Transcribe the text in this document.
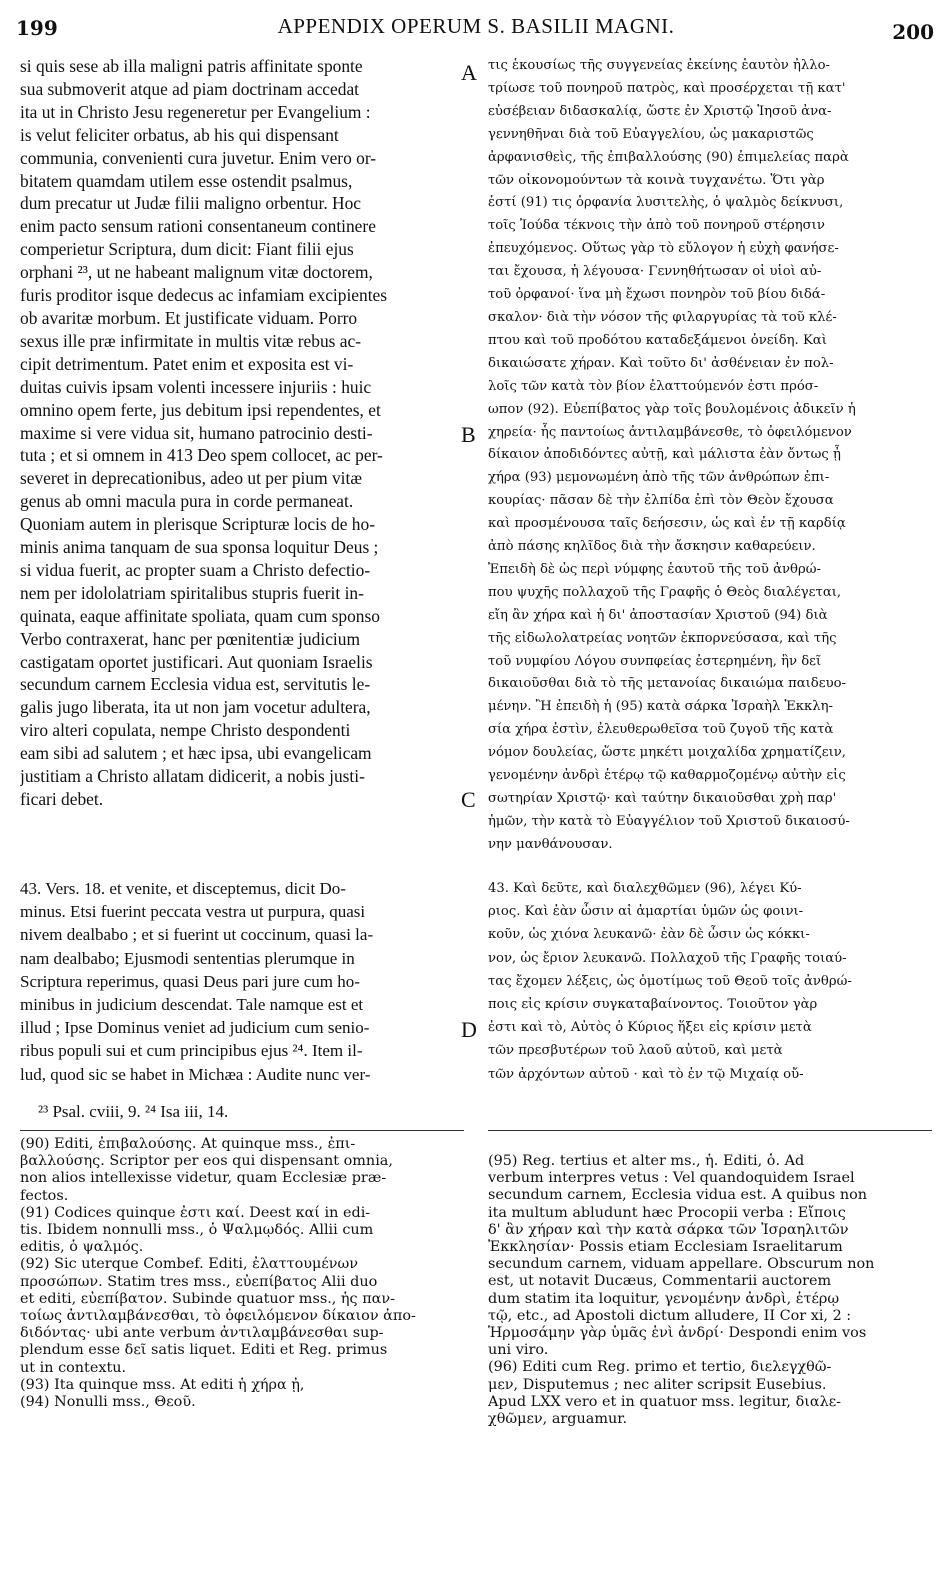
199	APPENDIX OPERUM S. BASILII MAGNI.	200
si quis sese ab illa maligni patris affinitate sponte
sua submoverit atque ad piam doctrinam accedat
ita ut in Christo Jesu regeneretur per Evangelium :
is velut feliciter orbatus, ab his qui dispensant
communia, convenienti cura juvetur. Enim vero or-
bitatem quamdam utilem esse ostendit psalmus,
dum precatur ut Judæ filii maligno orbentur. Hoc
enim pacto sensum rationi consentaneum continere
comperietur Scriptura, dum dicit: Fiant filii ejus
orphani ²³, ut ne habeant malignum vitæ doctorem,
furis proditor isque dedecus ac infamiam excipientes
ob avaritæ morbum. Et justificate viduam. Porro
sexus ille præ infirmitate in multis vitæ rebus ac-
cipit detrimentum. Patet enim et exposita est vi-
duitas cuivis ipsam volenti incessere injuriis : huic
omnino opem ferte, jus debitum ipsi rependentes, et
maxime si vere vidua sit, humano patrocinio desti-
tuta ; et si omnem in 413 Deo spem collocet, ac per-
severet in deprecationibus, adeo ut per pium vitæ
genus ab omni macula pura in corde permaneat.
Quoniam autem in plerisque Scripturæ locis de ho-
minis anima tanquam de sua sponsa loquitur Deus ;
si vidua fuerit, ac propter suam a Christo defectio-
nem per idololatriam spiritalibus stupris fuerit in-
quinata, eaque affinitate spoliata, quam cum sponso
Verbo contraxerat, hanc per pœnitentiæ judicium
castigatam oportet justificari. Aut quoniam Israelis
secundum carnem Ecclesia vidua est, servitutis le-
galis jugo liberata, ita ut non jam vocetur adultera,
viro alteri copulata, nempe Christo despondenti
eam sibi ad salutem ; et hæc ipsa, ubi evangelicam
justitiam a Christo allatam didicerit, a nobis justi-
ficari debet.
τις ἑκουσίως τῆς συγγενείας ἐκείνης ἑαυτὸν ἠλλο-
τρίωσε τοῦ πονηροῦ πατρὸς, καὶ προσέρχεται τῇ κατ'
εὐσέβειαν διδασκαλίᾳ, ὥστε ἐν Χριστῷ Ἰησοῦ ἀνα-
γεννηθῆναι διὰ τοῦ Εὐαγγελίου, ὡς μακαριστῶς
ἀρφανισθεὶς, τῆς ἐπιβαλλούσης (90) ἐπιμελείας παρὰ
τῶν οἰκονομούντων τὰ κοινὰ τυγχανέτω. Ὅτι γὰρ
ἐστί (91) τις ὀρφανία λυσιτελὴς, ὁ ψαλμὸς δείκνυσι,
τοῖς Ἰούδα τέκνοις τὴν ἀπὸ τοῦ πονηροῦ στέρησιν
ἐπευχόμενος. Οὕτως γὰρ τὸ εὔλογον ἡ εὐχὴ φανήσε-
ται ἔχουσα, ἡ λέγουσα· Γεννηθήτωσαν οἱ υἱοὶ αὐ-
τοῦ ὀρφανοί· ἵνα μὴ ἔχωσι πονηρὸν τοῦ βίου διδά-
σκαλον· διὰ τὴν νόσον τῆς φιλαργυρίας τὰ τοῦ κλέ-
πτου καὶ τοῦ προδότου καταδεξάμενοι ὀνείδη. Καὶ
δικαιώσατε χήραν. Καὶ τοῦτο δι' ἀσθένειαν ἐν πολ-
λοῖς τῶν κατὰ τὸν βίον ἐλαττούμενόν ἐστι πρόσ-
ωπον (92). Εὐεπίβατος γὰρ τοῖς βουλομένοις ἀδικεῖν ἡ
χηρεία· ἧς παντοίως ἀντιλαμβάνεσθε, τὸ ὀφειλόμενον
δίκαιον ἀποδιδόντες αὐτῇ, καὶ μάλιστα ἐὰν ὄντως ᾖ
χήρα (93) μεμονωμένη ἀπὸ τῆς τῶν ἀνθρώπων ἐπι-
κουρίας· πᾶσαν δὲ τὴν ἐλπίδα ἐπὶ τὸν Θεὸν ἔχουσα
καὶ προσμένουσα ταῖς δεήσεσιν, ὡς καὶ ἐν τῇ καρδίᾳ
ἀπὸ πάσης κηλῖδος διὰ τὴν ἄσκησιν καθαρεύειν.
Ἐπειδὴ δὲ ὡς περὶ νύμφης ἑαυτοῦ τῆς τοῦ ἀνθρώ-
που ψυχῆς πολλαχοῦ τῆς Γραφῆς ὁ Θεὸς διαλέγεται,
εἴη ἂν χήρα καὶ ἡ δι' ἀποστασίαν Χριστοῦ (94) διὰ
τῆς εἰδωλολατρείας νοητῶν ἐκπορνεύσασα, καὶ τῆς
τοῦ νυμφίου Λόγου συνπφείας ἐστερημένη, ἣν δεῖ
δικαιοῦσθαι διὰ τὸ τῆς μετανοίας δικαιώμα παιδευο-
μένην. Ἢ ἐπειδὴ ἡ (95) κατὰ σάρκα Ἰσραὴλ Ἐκκλη-
σία χήρα ἐστὶν, ἐλευθερωθεῖσα τοῦ ζυγοῦ τῆς κατὰ
νόμον δουλείας, ὥστε μηκέτι μοιχαλίδα χρηματίζειν,
γενομένην ἀνδρὶ ἑτέρῳ τῷ καθαρμοζομένῳ αὐτὴν εἰς
σωτηρίαν Χριστῷ· καὶ ταύτην δικαιοῦσθαι χρὴ παρ'
ἡμῶν, τὴν κατὰ τὸ Εὐαγγέλιον τοῦ Χριστοῦ δικαιοσύ-
νην μανθάνουσαν.
A
B
C
D
43. Vers. 18. et venite, et disceptemus, dicit Do-
minus. Etsi fuerint peccata vestra ut purpura, quasi
nivem dealbabo ; et si fuerint ut coccinum, quasi la-
nam dealbabo; Ejusmodi sententias plerumque in
Scriptura reperimus, quasi Deus pari jure cum ho-
minibus in judicium descendat. Tale namque est et
illud ; Ipse Dominus veniet ad judicium cum senio-
ribus populi sui et cum principibus ejus ²⁴. Item il-
lud, quod sic se habet in Michæa : Audite nunc ver-
43. Καὶ δεῦτε, καὶ διαλεχθῶμεν (96), λέγει Κύ-
ριος. Καὶ ἐὰν ὦσιν αἱ ἁμαρτίαι ὑμῶν ὡς φοινι-
κοῦν, ὡς χιόνα λευκανῶ· ἐὰν δὲ ὦσιν ὡς κόκκι-
νον, ὡς ἔριον λευκανῶ. Πολλαχοῦ τῆς Γραφῆς τοιαύ-
τας ἔχομεν λέξεις, ὡς ὁμοτίμως τοῦ Θεοῦ τοῖς ἀνθρώ-
ποις εἰς κρίσιν συγκαταβαίνοντος. Τοιοῦτον γὰρ
ἐστι καὶ τὸ, Αὐτὸς ὁ Κύριος ἥξει εἰς κρίσιν μετὰ
τῶν πρεσβυτέρων τοῦ λαοῦ αὐτοῦ, καὶ μετὰ
τῶν ἀρχόντων αὐτοῦ · καὶ τὸ ἐν τῷ Μιχαίᾳ οὔ-
²³ Psal. cviii, 9. ²⁴ Isa iii, 14.
(90) Editi, ἐπιβαλούσης. At quinque mss., ἐπι-
βαλλούσης. Scriptor per eos qui dispensant omnia,
non alios intellexisse videtur, quam Ecclesiæ præ-
fectos.
(91) Codices quinque ἐστι καί. Deest καί in edi-
tis. Ibidem nonnulli mss., ὁ Ψαλμῳδός. Allii cum
editis, ὁ ψαλμός.
(92) Sic uterque Combef. Editi, ἐλαττουμένων
προσώπων. Statim tres mss., εὐεπίβατος Alii duo
et editi, εὐεπίβατον. Subinde quatuor mss., ἧς παν-
τοίως ἀντιλαμβάνεσθαι, τὸ ὀφειλόμενον δίκαιον ἀπο-
διδόντας· ubi ante verbum ἀντιλαμβάνεσθαι sup-
plendum esse δεῖ satis liquet. Editi et Reg. primus
ut in contextu.
(93) Ita quinque mss. At editi ἡ χήρα ᾖ,
(94) Nonulli mss., Θεοῦ.
(95) Reg. tertius et alter ms., ἡ. Editi, ὁ. Ad
verbum interpres vetus : Vel quandoquidem Israel
secundum carnem, Ecclesia vidua est. A quibus non
ita multum abludunt hæc Procopii verba : Εἴποις
δ' ἂν χήραν καὶ τὴν κατὰ σάρκα τῶν Ἰσραηλιτῶν
Ἐκκλησίαν· Possis etiam Ecclesiam Israelitarum
secundum carnem, viduam appellare. Obscurum non
est, ut notavit Ducæus, Commentarii auctorem
dum statim ita loquitur, γενομένην ἀνδρὶ, ἑτέρῳ
τῷ, etc., ad Apostoli dictum alludere, II Cor xi, 2 :
Ἡρμοσάμην γὰρ ὑμᾶς ἑνὶ ἀνδρί· Despondi enim vos
uni viro.
(96) Editi cum Reg. primo et tertio, διελεγχθῶ-
μεν, Disputemus ; nec aliter scripsit Eusebius.
Apud LXX vero et in quatuor mss. legitur, διαλε-
χθῶμεν, arguamur.
